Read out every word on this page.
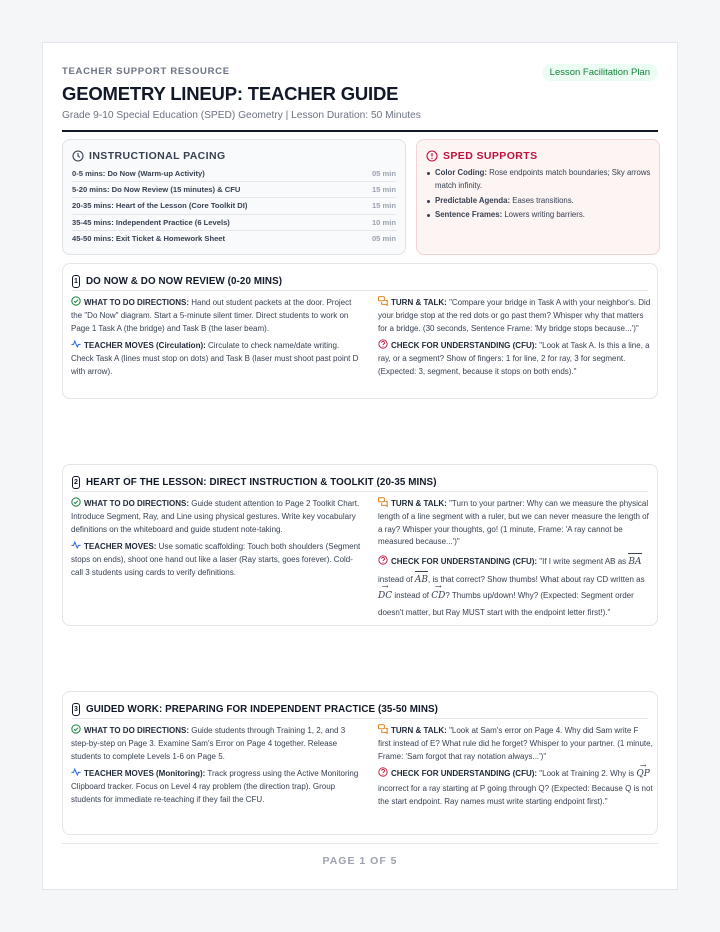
TEACHER SUPPORT RESOURCE	Lesson Facilitation Plan
GEOMETRY LINEUP: TEACHER GUIDE
Grade 9-10 Special Education (SPED) Geometry | Lesson Duration: 50 Minutes
INSTRUCTIONAL PACING
0-5 mins: Do Now (Warm-up Activity)	05 min
5-20 mins: Do Now Review (15 minutes) & CFU	15 min
20-35 mins: Heart of the Lesson (Core Toolkit DI)	15 min
35-45 mins: Independent Practice (6 Levels)	10 min
45-50 mins: Exit Ticket & Homework Sheet	05 min
SPED SUPPORTS
Color Coding: Rose endpoints match boundaries; Sky arrows match infinity.
Predictable Agenda: Eases transitions.
Sentence Frames: Lowers writing barriers.
1 DO NOW & DO NOW REVIEW (0-20 MINS)
WHAT TO DO DIRECTIONS: Hand out student packets at the door. Project the "Do Now" diagram. Start a 5-minute silent timer. Direct students to work on Page 1 Task A (the bridge) and Task B (the laser beam).
TEACHER MOVES (Circulation): Circulate to check name/date writing. Check Task A (lines must stop on dots) and Task B (laser must shoot past point D with arrow).
TURN & TALK: "Compare your bridge in Task A with your neighbor's. Did your bridge stop at the red dots or go past them? Whisper why that matters for a bridge. (30 seconds, Sentence Frame: 'My bridge stops because...')"
CHECK FOR UNDERSTANDING (CFU): "Look at Task A. Is this a line, a ray, or a segment? Show of fingers: 1 for line, 2 for ray, 3 for segment. (Expected: 3, segment, because it stops on both ends)."
2 HEART OF THE LESSON: DIRECT INSTRUCTION & TOOLKIT (20-35 MINS)
WHAT TO DO DIRECTIONS: Guide student attention to Page 2 Toolkit Chart. Introduce Segment, Ray, and Line using physical gestures. Write key vocabulary definitions on the whiteboard and guide student note-taking.
TEACHER MOVES: Use somatic scaffolding: Touch both shoulders (Segment stops on ends), shoot one hand out like a laser (Ray starts, goes forever). Cold-call 3 students using cards to verify definitions.
TURN & TALK: "Turn to your partner: Why can we measure the physical length of a line segment with a ruler, but we can never measure the length of a ray? Whisper your thoughts, go! (1 minute, Frame: 'A ray cannot be measured because...')"
CHECK FOR UNDERSTANDING (CFU): "If I write segment AB as BA instead of AB, is that correct? Show thumbs! What about ray CD written as → DC instead of → CD? Thumbs up/down! Why? (Expected: Segment order doesn't matter, but Ray MUST start with the endpoint letter first!)."
3 GUIDED WORK: PREPARING FOR INDEPENDENT PRACTICE (35-50 MINS)
WHAT TO DO DIRECTIONS: Guide students through Training 1, 2, and 3 step-by-step on Page 3. Examine Sam's Error on Page 4 together. Release students to complete Levels 1-6 on Page 5.
TEACHER MOVES (Monitoring): Track progress using the Active Monitoring Clipboard tracker. Focus on Level 4 ray problem (the direction trap). Group students for immediate re-teaching if they fail the CFU.
TURN & TALK: "Look at Sam's error on Page 4. Why did Sam write F first instead of E? What rule did he forget? Whisper to your partner. (1 minute, Frame: 'Sam forgot that ray notation always...')"
CHECK FOR UNDERSTANDING (CFU): "Look at Training 2. Why is → QP incorrect for a ray starting at P going through Q? (Expected: Because Q is not the start endpoint. Ray names must write starting endpoint first)."
PAGE 1 OF 5
